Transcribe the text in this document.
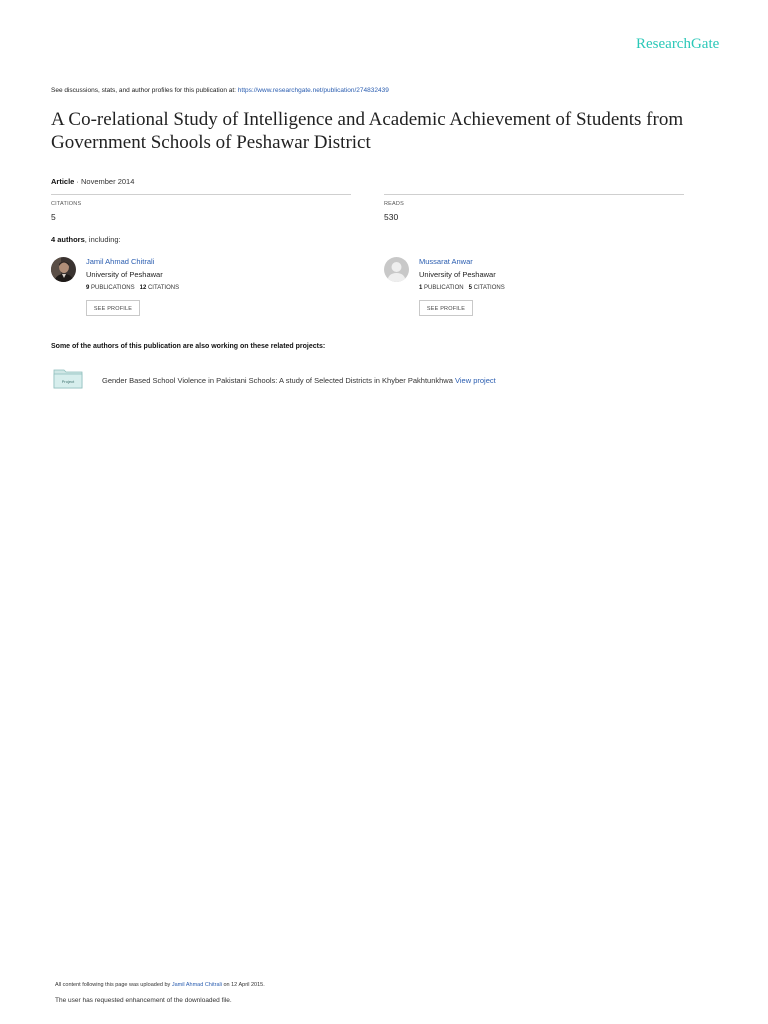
ResearchGate
See discussions, stats, and author profiles for this publication at: https://www.researchgate.net/publication/274832439
A Co-relational Study of Intelligence and Academic Achievement of Students from Government Schools of Peshawar District
Article · November 2014
CITATIONS
5
READS
530
4 authors, including:
Jamil Ahmad Chitrali
University of Peshawar
9 PUBLICATIONS 12 CITATIONS
SEE PROFILE
Mussarat Anwar
University of Peshawar
1 PUBLICATION 5 CITATIONS
SEE PROFILE
Some of the authors of this publication are also working on these related projects:
Project	Gender Based School Violence in Pakistani Schools: A study of Selected Districts in Khyber Pakhtunkhwa View project
All content following this page was uploaded by Jamil Ahmad Chitrali on 12 April 2015.
The user has requested enhancement of the downloaded file.
